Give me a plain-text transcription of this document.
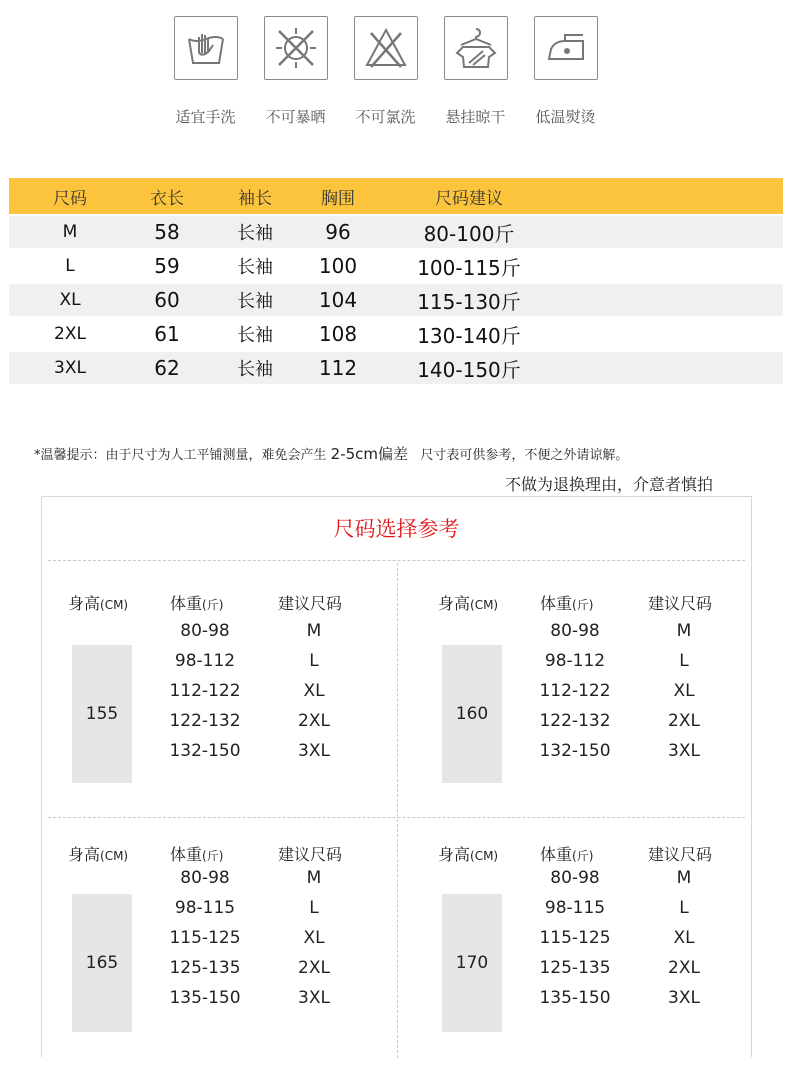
适宜手洗 不可暴晒 不可氯洗 悬挂晾干 低温熨烫
尺码	衣长	袖长	胸围	尺码建议
M	58	长袖	96	80-100斤
L	59	长袖	100	100-115斤
XL	60	长袖	104	115-130斤
2XL	61	长袖	108	130-140斤
3XL	62	长袖	112	140-150斤
*温馨提示：由于尺寸为人工平铺测量，难免会产生 2-5cm偏差 尺寸表可供参考，不便之外请谅解。
不做为退换理由，介意者慎拍
尺码选择参考
身高(CM)	体重(斤)	建议尺码
155
80-98	M
98-112	L
112-122	XL
122-132	2XL
132-150	3XL
身高(CM)	体重(斤)	建议尺码
160
80-98	M
98-112	L
112-122	XL
122-132	2XL
132-150	3XL
身高(CM)	体重(斤)	建议尺码
165
80-98	M
98-115	L
115-125	XL
125-135	2XL
135-150	3XL
身高(CM)	体重(斤)	建议尺码
170
80-98	M
98-115	L
115-125	XL
125-135	2XL
135-150	3XL
